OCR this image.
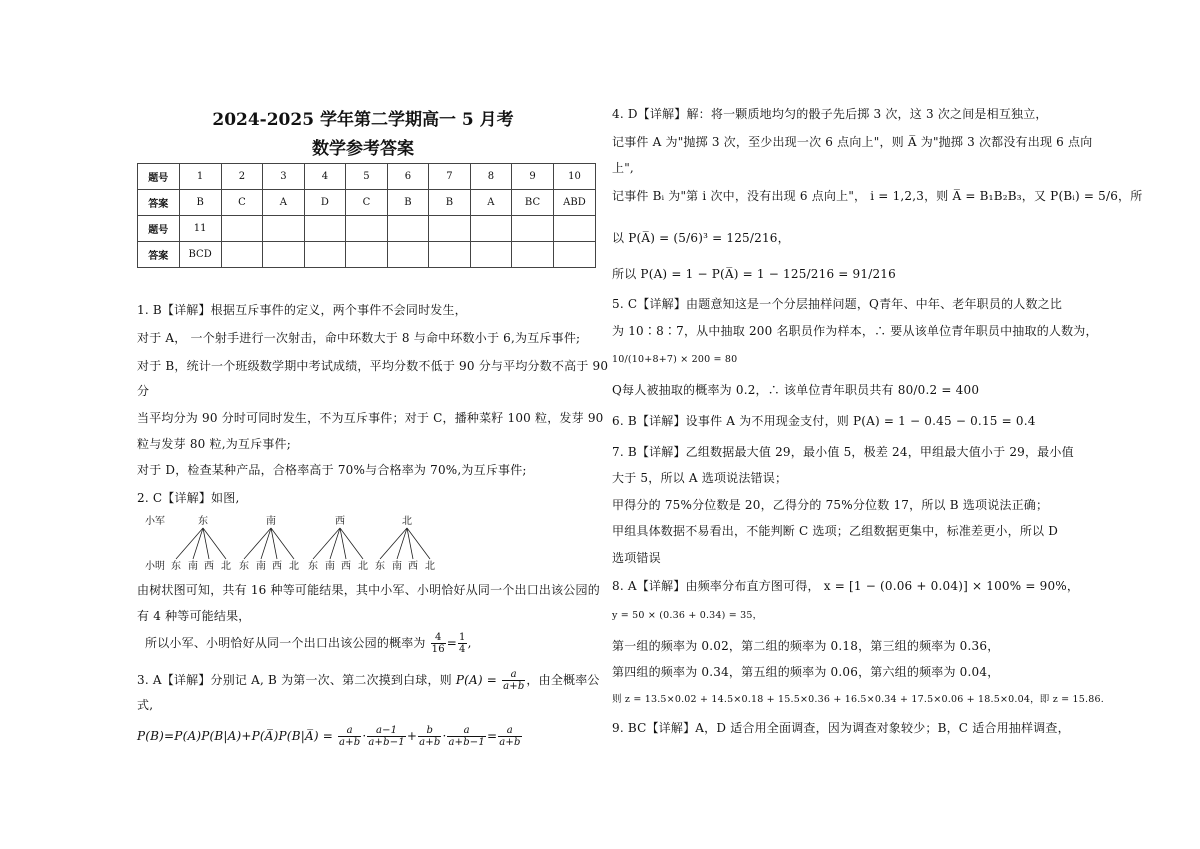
2024-2025 学年第二学期高一 5 月考
数学参考答案
题号	1	2	3	4	5	6	7	8	9	10
答案	B	C	A	D	C	B	B	A	BC	ABD
题号	11									
答案	BCD									
1. B【详解】根据互斥事件的定义，两个事件不会同时发生，
对于 A， 一个射手进行一次射击，命中环数大于 8 与命中环数小于 6,为互斥事件;
对于 B，统计一个班级数学期中考试成绩，平均分数不低于 90 分与平均分数不高于 90
分
当平均分为 90 分时可同时发生，不为互斥事件；对于 C，播种菜籽 100 粒，发芽 90
粒与发芽 80 粒,为互斥事件;
对于 D，检查某种产品，合格率高于 70%与合格率为 70%,为互斥事件;
2. C【详解】如图,
小军
小明
东
东 南 西 北
南
东 南 西 北
西
东 南 西 北
北
东 南 西 北
由树状图可知，共有 16 种等可能结果，其中小军、小明恰好从同一个出口出该公园的
有 4 种等可能结果，
所以小军、小明恰好从同一个出口出该公园的概率为 $\frac{4}{16} = \frac{1}{4}$ ,
3. A【详解】分别记 A, B 为第一次、第二次摸到白球，则 $P(A) = \frac{a}{a+b}$ ，由全概率公
式,
P(B)=P(A)P(B|A)+P(A̅)P(B|A̅) = $\frac{a}{a+b} \cdot \frac{a-1}{a+b-1} + \frac{b}{a+b} \cdot \frac{a}{a+b-1} = \frac{a}{a+b}$
4. D【详解】解：将一颗质地均匀的骰子先后掷 3 次，这 3 次之间是相互独立，
记事件 A 为"抛掷 3 次，至少出现一次 6 点向上"，则 A̅ 为"抛掷 3 次都没有出现 6 点向
上",
记事件 Bᵢ 为"第 i 次中，没有出现 6 点向上"， i = 1,2,3，则 A̅ = B₁B₂B₃，又 P(Bᵢ) = 5/6，所
以 P(A̅) = (5/6)³ = 125/216，
所以 P(A) = 1 − P(A̅) = 1 − 125/216 = 91/216
5. C【详解】由题意知这是一个分层抽样问题，Q青年、中年、老年职员的人数之比
为 10∶8∶7，从中抽取 200 名职员作为样本，∴ 要从该单位青年职员中抽取的人数为，
10/(10+8+7) × 200 = 80
Q每人被抽取的概率为 0.2，∴ 该单位青年职员共有 80/0.2 = 400
6. B【详解】设事件 A 为不用现金支付，则 P(A) = 1 − 0.45 − 0.15 = 0.4
7. B【详解】乙组数据最大值 29，最小值 5，极差 24，甲组最大值小于 29，最小值
大于 5，所以 A 选项说法错误；
甲得分的 75%分位数是 20，乙得分的 75%分位数 17，所以 B 选项说法正确；
甲组具体数据不易看出，不能判断 C 选项；乙组数据更集中，标准差更小，所以 D
选项错误
8. A【详解】由频率分布直方图可得， x = [1 − (0.06 + 0.04)] × 100% = 90%，
y = 50 × (0.36 + 0.34) = 35，
第一组的频率为 0.02，第二组的频率为 0.18，第三组的频率为 0.36，
第四组的频率为 0.34，第五组的频率为 0.06，第六组的频率为 0.04，
则 z = 13.5×0.02 + 14.5×0.18 + 15.5×0.36 + 16.5×0.34 + 17.5×0.06 + 18.5×0.04，即 z = 15.86.
9. BC【详解】A，D 适合用全面调查，因为调查对象较少；B，C 适合用抽样调查，
